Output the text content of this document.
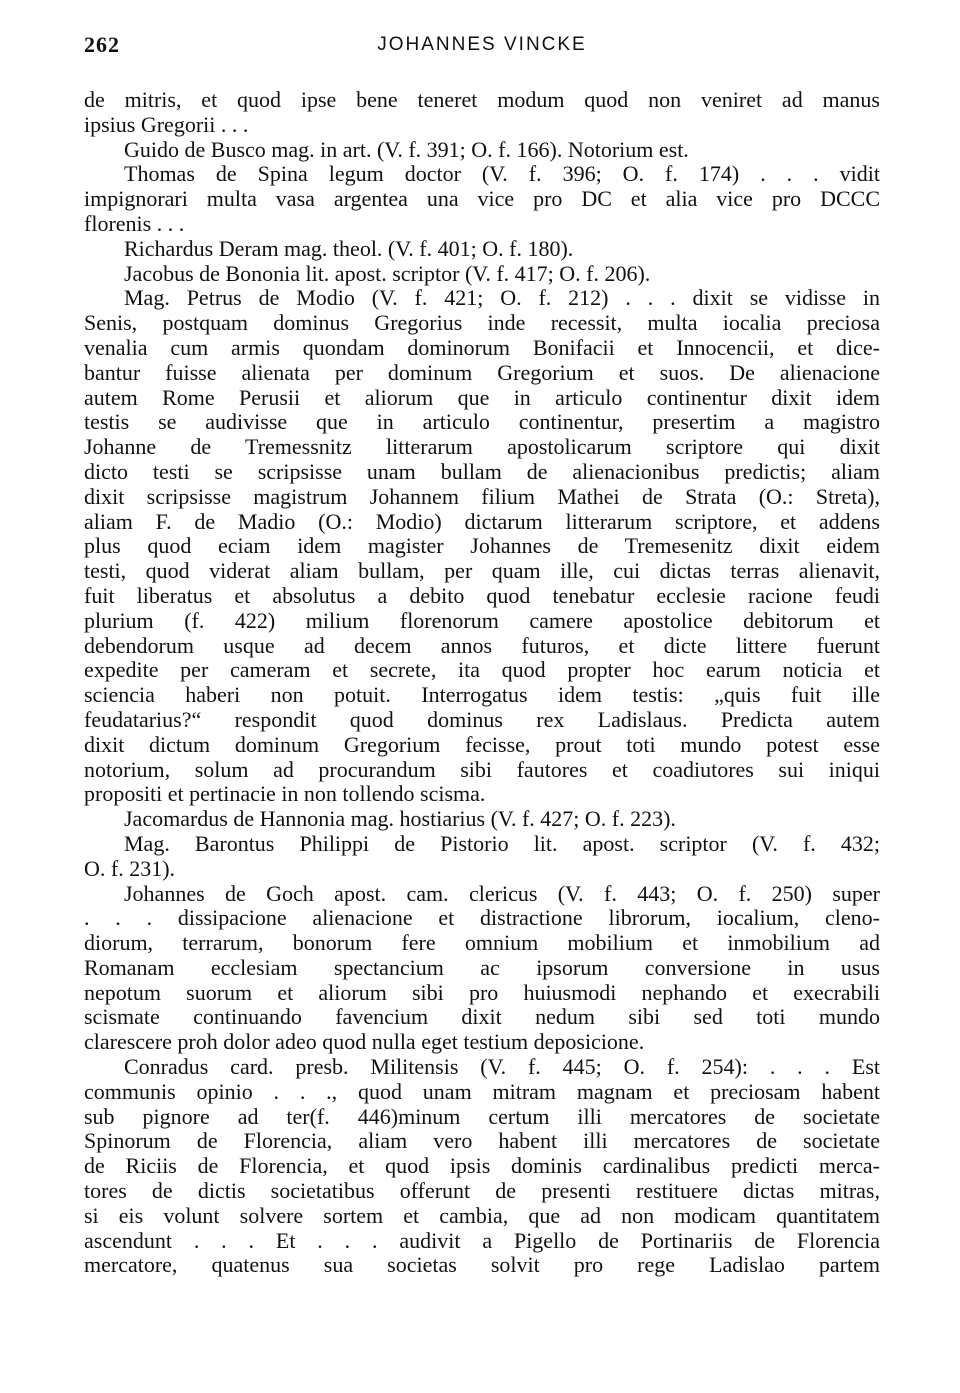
262	JOHANNES VINCKE
de mitris, et quod ipse bene teneret modum quod non veniret ad manus
ipsius Gregorii . . .
Guido de Busco mag. in art. (V. f. 391; O. f. 166). Notorium est.
Thomas de Spina legum doctor (V. f. 396; O. f. 174) . . . vidit
impignorari multa vasa argentea una vice pro DC et alia vice pro DCCC
florenis . . .
Richardus Deram mag. theol. (V. f. 401; O. f. 180).
Jacobus de Bononia lit. apost. scriptor (V. f. 417; O. f. 206).
Mag. Petrus de Modio (V. f. 421; O. f. 212) . . . dixit se vidisse in
Senis, postquam dominus Gregorius inde recessit, multa iocalia preciosa
venalia cum armis quondam dominorum Bonifacii et Innocencii, et dice-
bantur fuisse alienata per dominum Gregorium et suos. De alienacione
autem Rome Perusii et aliorum que in articulo continentur dixit idem
testis se audivisse que in articulo continentur, presertim a magistro
Johanne de Tremessnitz litterarum apostolicarum scriptore qui dixit
dicto testi se scripsisse unam bullam de alienacionibus predictis; aliam
dixit scripsisse magistrum Johannem filium Mathei de Strata (O.: Streta),
aliam F. de Madio (O.: Modio) dictarum litterarum scriptore, et addens
plus quod eciam idem magister Johannes de Tremesenitz dixit eidem
testi, quod viderat aliam bullam, per quam ille, cui dictas terras alienavit,
fuit liberatus et absolutus a debito quod tenebatur ecclesie racione feudi
plurium (f. 422) milium florenorum camere apostolice debitorum et
debendorum usque ad decem annos futuros, et dicte littere fuerunt
expedite per cameram et secrete, ita quod propter hoc earum noticia et
sciencia haberi non potuit. Interrogatus idem testis: „quis fuit ille
feudatarius?“ respondit quod dominus rex Ladislaus. Predicta autem
dixit dictum dominum Gregorium fecisse, prout toti mundo potest esse
notorium, solum ad procurandum sibi fautores et coadiutores sui iniqui
propositi et pertinacie in non tollendo scisma.
Jacomardus de Hannonia mag. hostiarius (V. f. 427; O. f. 223).
Mag. Barontus Philippi de Pistorio lit. apost. scriptor (V. f. 432;
O. f. 231).
Johannes de Goch apost. cam. clericus (V. f. 443; O. f. 250) super
. . . dissipacione alienacione et distractione librorum, iocalium, cleno-
diorum, terrarum, bonorum fere omnium mobilium et inmobilium ad
Romanam ecclesiam spectancium ac ipsorum conversione in usus
nepotum suorum et aliorum sibi pro huiusmodi nephando et execrabili
scismate continuando favencium dixit nedum sibi sed toti mundo
clarescere proh dolor adeo quod nulla eget testium deposicione.
Conradus card. presb. Militensis (V. f. 445; O. f. 254): . . . Est
communis opinio . . ., quod unam mitram magnam et preciosam habent
sub pignore ad ter(f. 446)minum certum illi mercatores de societate
Spinorum de Florencia, aliam vero habent illi mercatores de societate
de Riciis de Florencia, et quod ipsis dominis cardinalibus predicti merca-
tores de dictis societatibus offerunt de presenti restituere dictas mitras,
si eis volunt solvere sortem et cambia, que ad non modicam quantitatem
ascendunt . . . Et . . . audivit a Pigello de Portinariis de Florencia
mercatore, quatenus sua societas solvit pro rege Ladislao partem
